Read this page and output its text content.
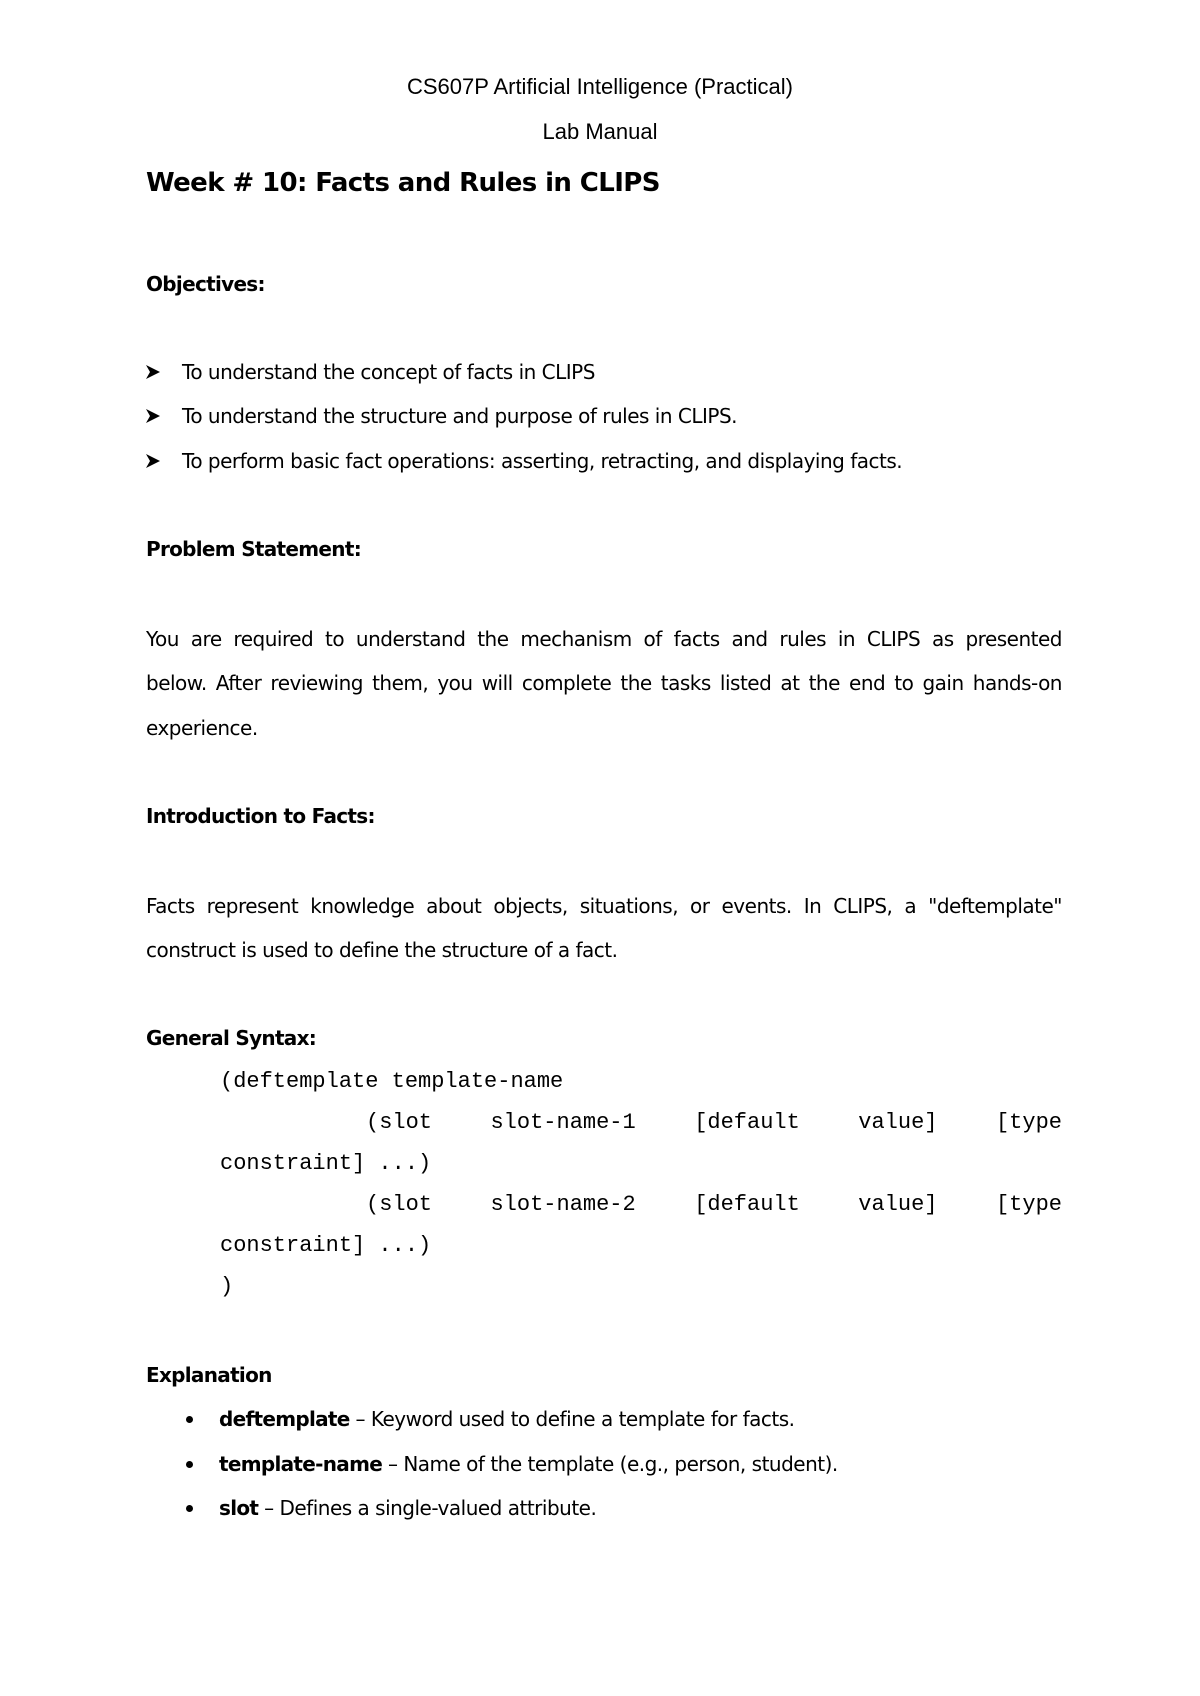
CS607P Artificial Intelligence (Practical)
Lab Manual
Week # 10: Facts and Rules in CLIPS
Objectives:
To understand the concept of facts in CLIPS
To understand the structure and purpose of rules in CLIPS.
To perform basic fact operations: asserting, retracting, and displaying facts.
Problem Statement:
You are required to understand the mechanism of facts and rules in CLIPS as presented
below. After reviewing them, you will complete the tasks listed at the end to gain hands-on
experience.
Introduction to Facts:
Facts represent knowledge about objects, situations, or events. In CLIPS, a "deftemplate"
construct is used to define the structure of a fact.
General Syntax:
(deftemplate template-name
(slot	slot-name-1	[default	value]	[type
constraint] ...)
(slot	slot-name-2	[default	value]	[type
constraint] ...)
)
Explanation
deftemplate – Keyword used to define a template for facts.
template-name – Name of the template (e.g., person, student).
slot – Defines a single-valued attribute.
